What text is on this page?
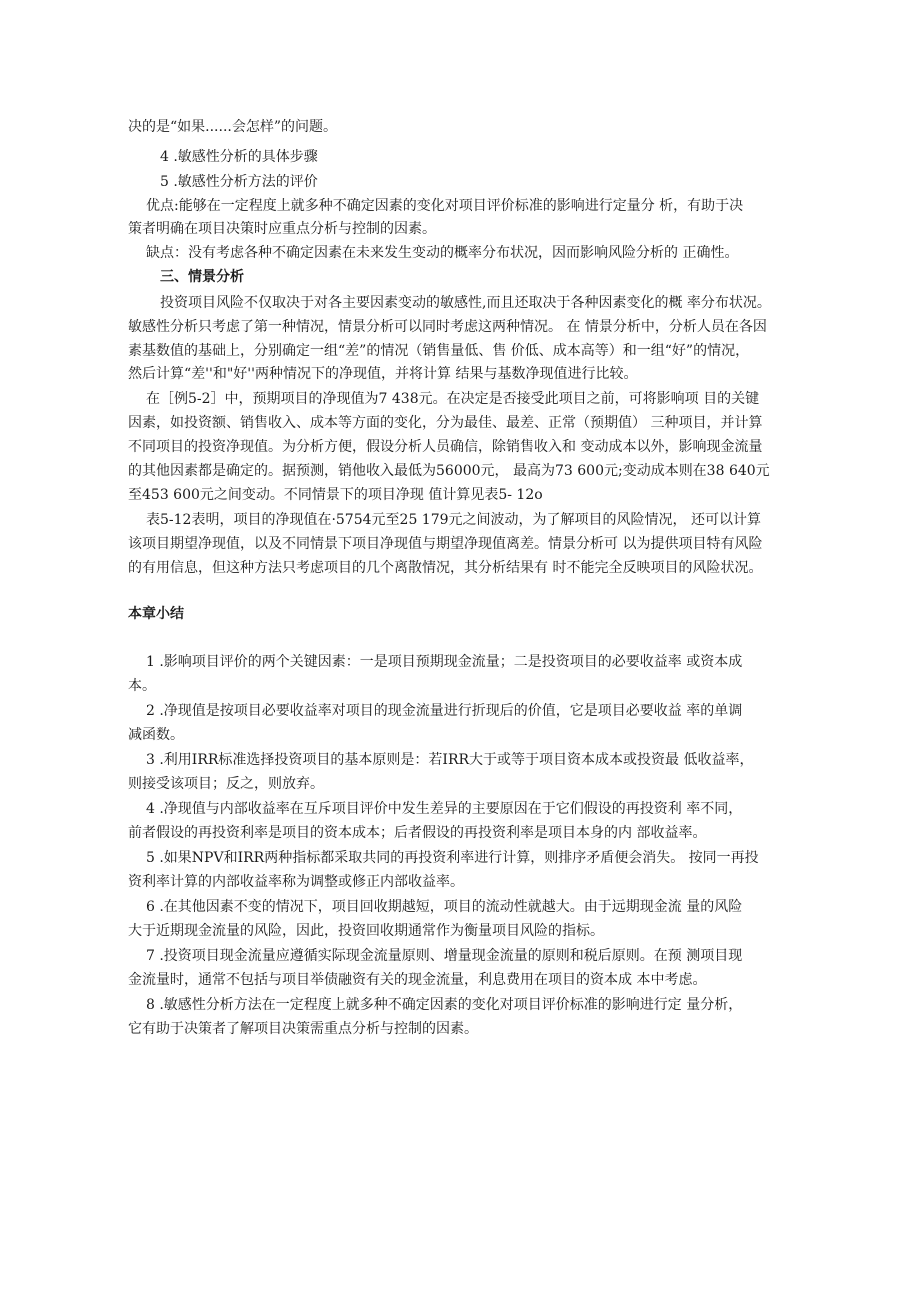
决的是“如果......会怎样”的问题。

4 .敏感性分析的具体步骤

5 .敏感性分析方法的评价

优点:能够在一定程度上就多种不确定因素的变化对项目评价标准的影响进行定量分 析，有助于决

策者明确在项目决策时应重点分析与控制的因素。

缺点：没有考虑各种不确定因素在未来发生变动的概率分布状况，因而影响风险分析的 正确性。

三、情景分析

投资项目风险不仅取决于对各主要因素变动的敏感性,而且还取决于各种因素变化的概 率分布状况。

敏感性分析只考虑了第一种情况，情景分析可以同时考虑这两种情况。 在 情景分析中，分析人员在各因

素基数值的基础上，分别确定一组“差”的情况（销售量低、售 价低、成本高等）和一组“好”的情况，

然后计算“差''和"好''两种情况下的净现值，并将计算 结果与基数净现值进行比较。

在［例5-2］中，预期项目的净现值为7 438元。在决定是否接受此项目之前，可将影响项 目的关键

因素，如投资额、销售收入、成本等方面的变化，分为最佳、最差、正常（预期值） 三种项目，并计算

不同项目的投资净现值。为分析方便，假设分析人员确信，除销售收入和 变动成本以外，影响现金流量

的其他因素都是确定的。据预测，销他收入最低为56000元， 最高为73 600元;变动成本则在38 640元

至453 600元之间变动。不同情景下的项目净现 值计算见表5- 12o

表5-12表明，项目的净现值在·5754元至25 179元之间波动，为了解项目的风险情况， 还可以计算

该项目期望净现值，以及不同情景下项目净现值与期望净现值离差。情景分析可 以为提供项目特有风险

的有用信息，但这种方法只考虑项目的几个离散情况，其分析结果有 时不能完全反映项目的风险状况。

本章小结

1 .影响项目评价的两个关键因素：一是项目预期现金流量；二是投资项目的必要收益率 或资本成

本。

2 .净现值是按项目必要收益率对项目的现金流量进行折现后的价值，它是项目必要收益 率的单调

减函数。

3 .利用IRR标准选择投资项目的基本原则是：若IRR大于或等于项目资本成本或投资最 低收益率，

则接受该项目；反之，则放弃。

4 .净现值与内部收益率在互斥项目评价中发生差异的主要原因在于它们假设的再投资利 率不同，

前者假设的再投资利率是项目的资本成本；后者假设的再投资利率是项目本身的内 部收益率。

5 .如果NPV和IRR两种指标都采取共同的再投资利率进行计算，则排序矛盾便会消失。 按同一再投

资利率计算的内部收益率称为调整或修正内部收益率。

6 .在其他因素不变的情况下，项目回收期越短，项目的流动性就越大。由于远期现金流 量的风险

大于近期现金流量的风险，因此，投资回收期通常作为衡量项目风险的指标。

7 .投资项目现金流量应遵循实际现金流量原则、增量现金流量的原则和税后原则。在预 测项目现

金流量时，通常不包括与项目举债融资有关的现金流量，利息费用在项目的资本成 本中考虑。

8 .敏感性分析方法在一定程度上就多种不确定因素的变化对项目评价标准的影响进行定 量分析，

它有助于决策者了解项目决策需重点分析与控制的因素。
